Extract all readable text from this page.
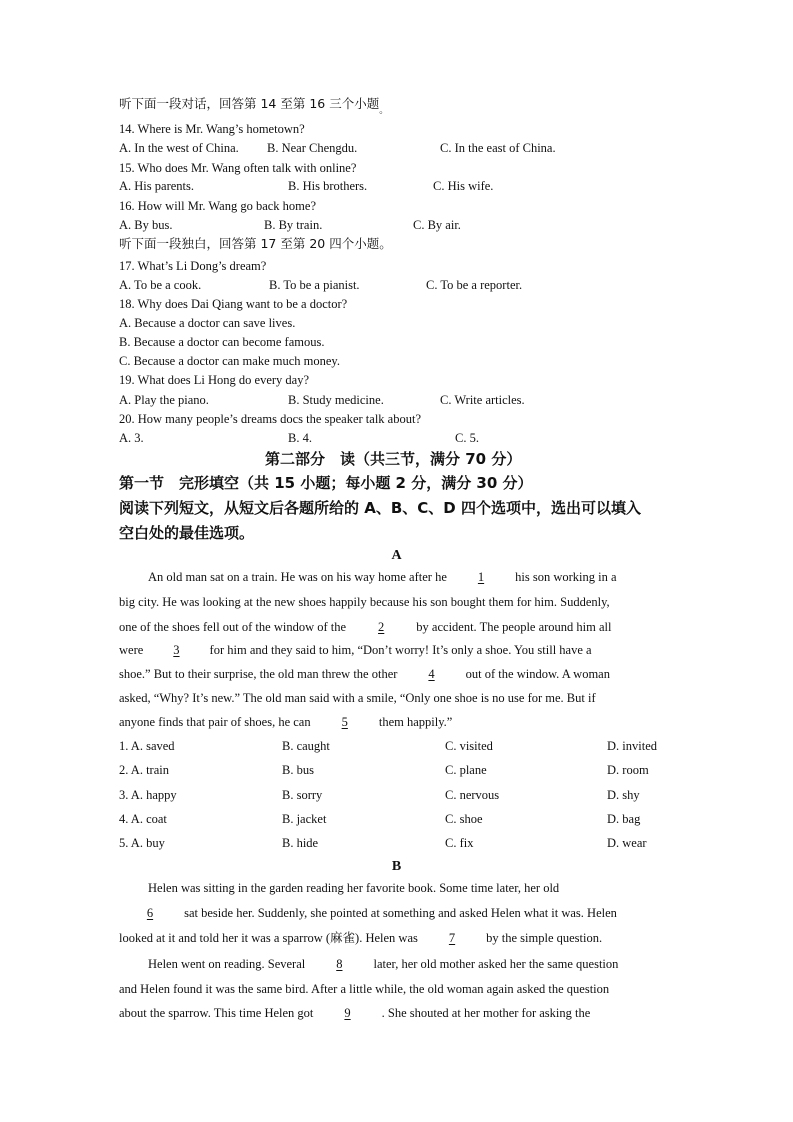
听下面一段对话，回答第 14 至第 16 三个小题$_。$
14. Where is Mr. Wang’s hometown?
A. In the west of China. B. Near Chengdu.	C. In the east of China.
15. Who does Mr. Wang often talk with online?
A. His parents.	B. His brothers.	C. His wife.
16. How will Mr. Wang go back home?
A. By bus.	B. By train.	C. By air.
听下面一段独白，回答第 17 至第 20 四个小题。
17. What’s Li Dong’s dream?
A. To be a cook.	B. To be a pianist.	C. To be a reporter.
18. Why does Dai Qiang want to be a doctor?
A. Because a doctor can save lives.
B. Because a doctor can become famous.
C. Because a doctor can make much money.
19. What does Li Hong do every day?
A. Play the piano.	B. Study medicine.	C. Write articles.
20. How many people’s dreams docs the speaker talk about?
A. 3.	B. 4.	C. 5.
第二部分　读（共三节，满分 70 分）
第一节　完形填空（共 15 小题；每小题 2 分，满分 30 分）
阅读下列短文，从短文后各题所给的 A、B、C、D 四个选项中，选出可以填入
空白处的最佳选项。
A
An old man sat on a train. He was on his way home after he 1 his son working in a
big city. He was looking at the new shoes happily because his son bought them for him. Suddenly,
one of the shoes fell out of the window of the 2 by accident. The people around him all
were 3 for him and they said to him, “Don’t worry! It’s only a shoe. You still have a
shoe.” But to their surprise, the old man threw the other 4 out of the window. A woman
asked, “Why? It’s new.” The old man said with a smile, “Only one shoe is no use for me. But if
anyone finds that pair of shoes, he can 5 them happily.”
1. A. saved	B. caught	C. visited	D. invited
2. A. train	B. bus	C. plane	D. room
3. A. happy	B. sorry	C. nervous	D. shy
4. A. coat	B. jacket	C. shoe	D. bag
5. A. buy	B. hide	C. fix	D. wear
B
Helen was sitting in the garden reading her favorite book. Some time later, her old
6 sat beside her. Suddenly, she pointed at something and asked Helen what it was. Helen
looked at it and told her it was a sparrow (麻雀). Helen was 7 by the simple question.
Helen went on reading. Several 8 later, her old mother asked her the same question
and Helen found it was the same bird. After a little while, the old woman again asked the question
about the sparrow. This time Helen got 9 . She shouted at her mother for asking the
